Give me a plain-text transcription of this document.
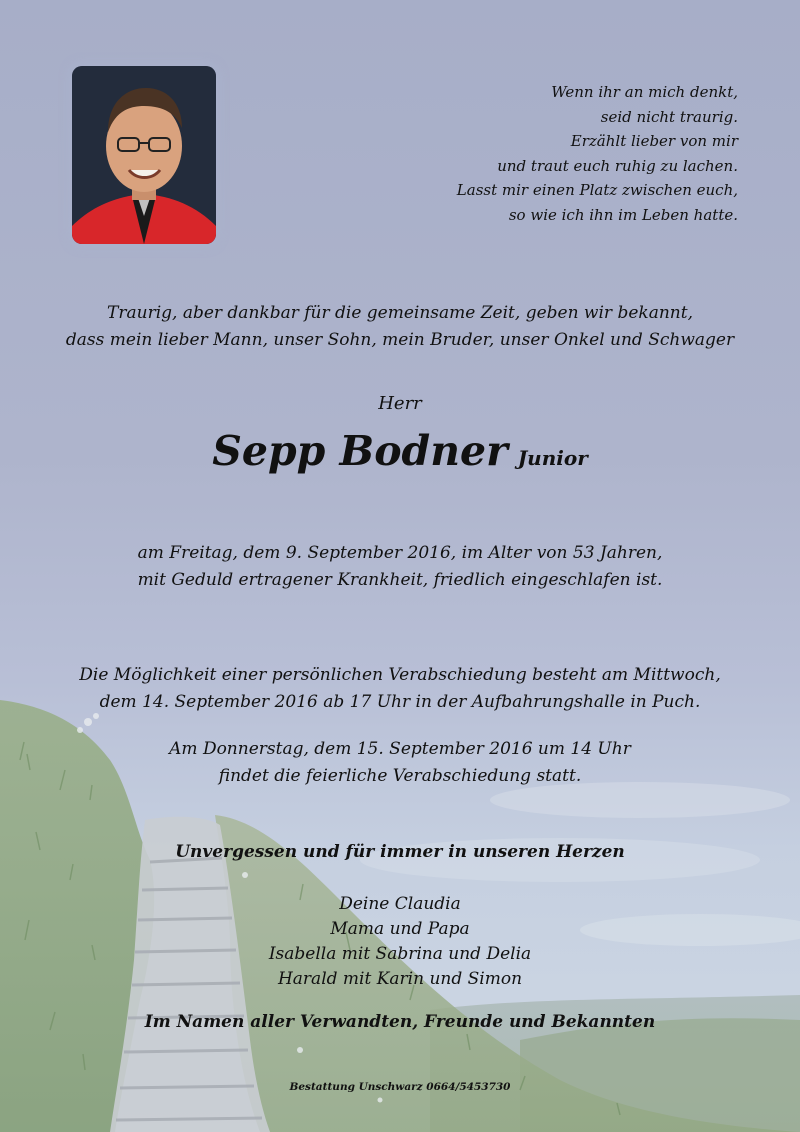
Wenn ihr an mich denkt,
seid nicht traurig.
Erzählt lieber von mir
und traut euch ruhig zu lachen.
Lasst mir einen Platz zwischen euch,
so wie ich ihn im Leben hatte.
Traurig, aber dankbar für die gemeinsame Zeit, geben wir bekannt,
dass mein lieber Mann, unser Sohn, mein Bruder, unser Onkel und Schwager
Herr
Sepp Bodner Junior
am Freitag, dem 9. September 2016, im Alter von 53 Jahren,
mit Geduld ertragener Krankheit, friedlich eingeschlafen ist.
Die Möglichkeit einer persönlichen Verabschiedung besteht am Mittwoch,
dem 14. September 2016 ab 17 Uhr in der Aufbahrungshalle in Puch.
Am Donnerstag, dem 15. September 2016 um 14 Uhr
findet die feierliche Verabschiedung statt.
Unvergessen und für immer in unseren Herzen
Deine Claudia
Mama und Papa
Isabella mit Sabrina und Delia
Harald mit Karin und Simon
Im Namen aller Verwandten, Freunde und Bekannten
Bestattung Unschwarz 0664/5453730
